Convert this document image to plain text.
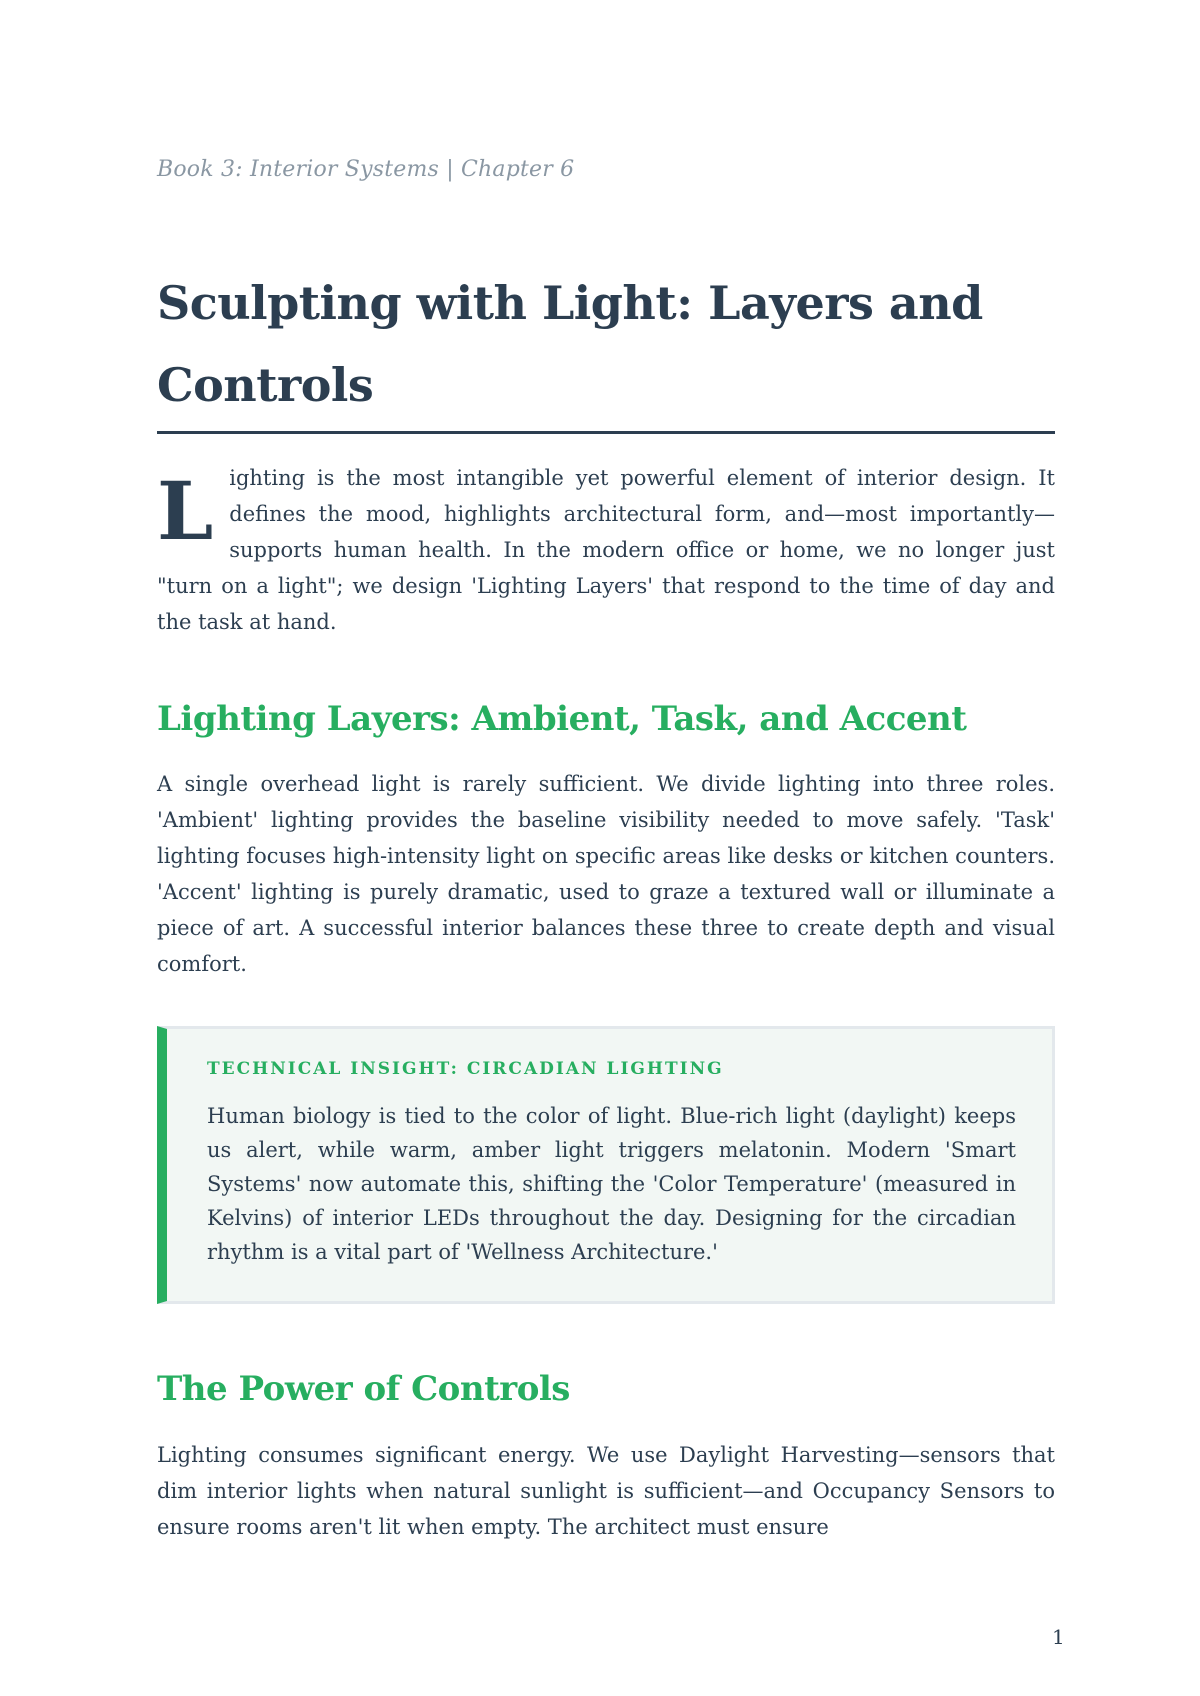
Book 3: Interior Systems | Chapter 6
Sculpting with Light: Layers and Controls
L ighting is the most intangible yet powerful element of interior design. It defines the mood, highlights architectural form, and—most importantly—supports human health. In the modern office or home, we no longer just "turn on a light"; we design 'Lighting Layers' that respond to the time of day and the task at hand.

Lighting Layers: Ambient, Task, and Accent

A single overhead light is rarely sufficient. We divide lighting into three roles. 'Ambient' lighting provides the baseline visibility needed to move safely. 'Task' lighting focuses high-intensity light on specific areas like desks or kitchen counters. 'Accent' lighting is purely dramatic, used to graze a textured wall or illuminate a piece of art. A successful interior balances these three to create depth and visual comfort.

TECHNICAL INSIGHT: CIRCADIAN LIGHTING

Human biology is tied to the color of light. Blue-rich light (daylight) keeps us alert, while warm, amber light triggers melatonin. Modern 'Smart Systems' now automate this, shifting the 'Color Temperature' (measured in Kelvins) of interior LEDs throughout the day. Designing for the circadian rhythm is a vital part of 'Wellness Architecture.'

The Power of Controls

Lighting consumes significant energy. We use Daylight Harvesting—sensors that dim interior lights when natural sunlight is sufficient—and Occupancy Sensors to ensure rooms aren't lit when empty. The architect must ensure

1
